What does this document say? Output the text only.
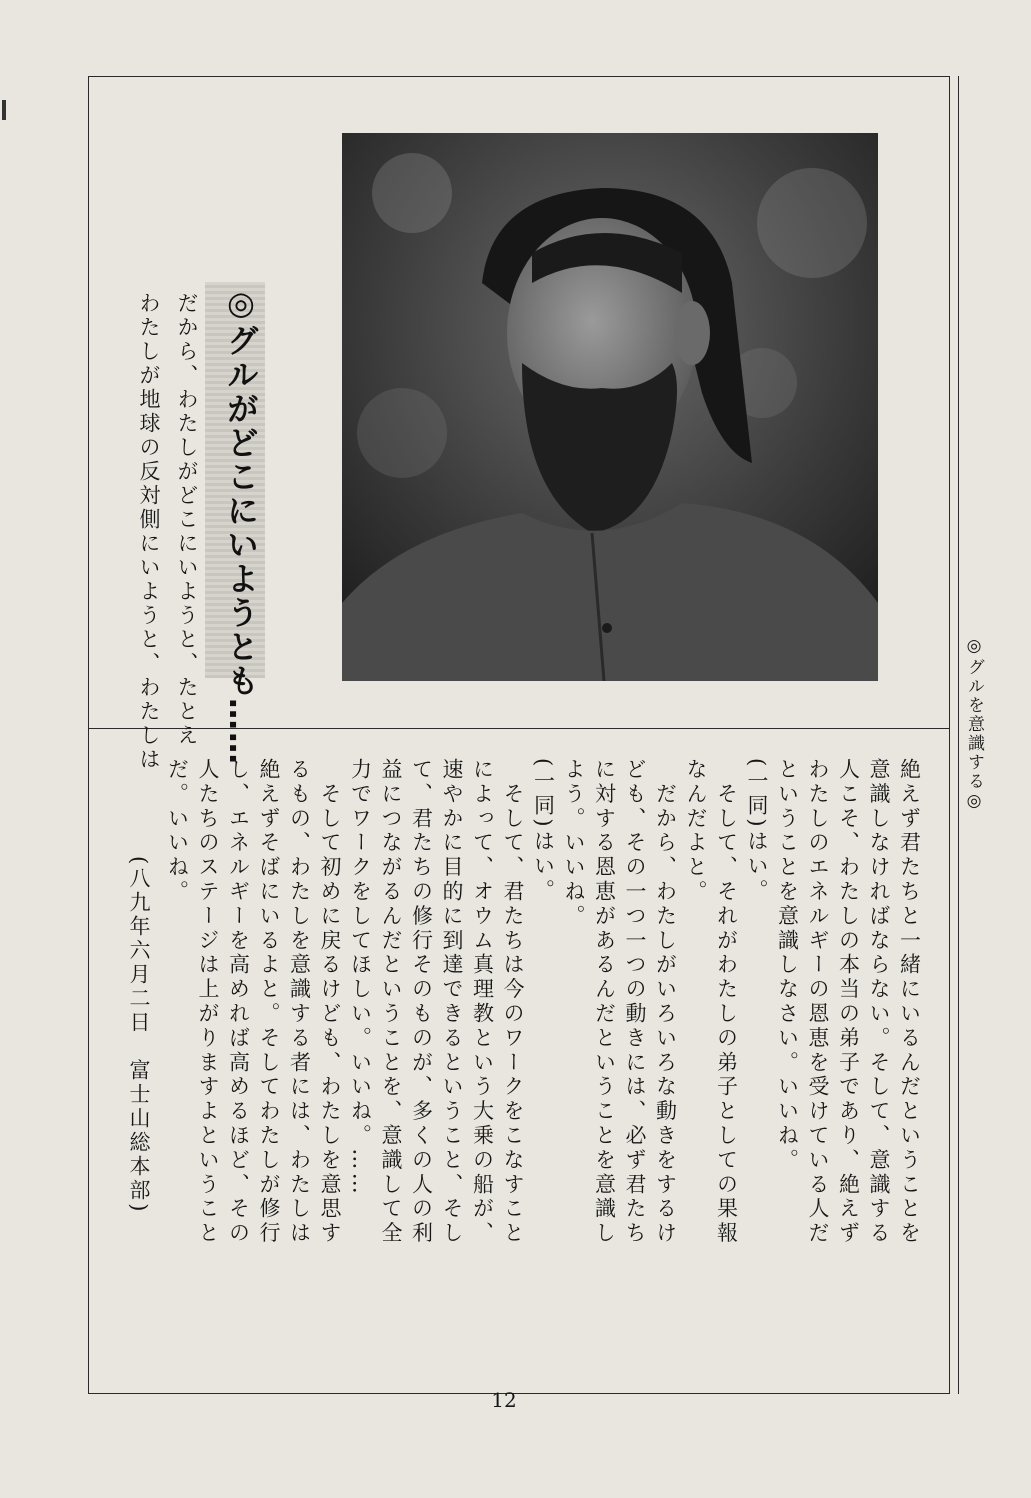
◎グルを意識する◎
◎グルがどこにいようとも……
だから、わたしがどこにいようと、たとえ
わたしが地球の反対側にいようと、わたしは
絶えず君たちと一緒にいるんだということを
意識しなければならない。そして、意識する
人こそ、わたしの本当の弟子であり、絶えず
わたしのエネルギーの恩恵を受けている人だ
ということを意識しなさい。いいね。
(一同)はい。
　そして、それがわたしの弟子としての果報
なんだよと。
　だから、わたしがいろいろな動きをするけ
ども、その一つ一つの動きには、必ず君たち
に対する恩恵があるんだということを意識し
よう。いいね。
(一同)はい。
　そして、君たちは今のワークをこなすこと
によって、オウム真理教という大乗の船が、
速やかに目的に到達できるということ、そし
て、君たちの修行そのものが、多くの人の利
益につながるんだということを、意識して全
力でワークをしてほしい。いいね。……
　そして初めに戻るけども、わたしを意思す
るもの、わたしを意識する者には、わたしは
絶えずそばにいるよと。そしてわたしが修行
し、エネルギーを高めれば高めるほど、その
人たちのステージは上がりますよということ
だ。いいね。
(八九年六月二日　富士山総本部)
12
